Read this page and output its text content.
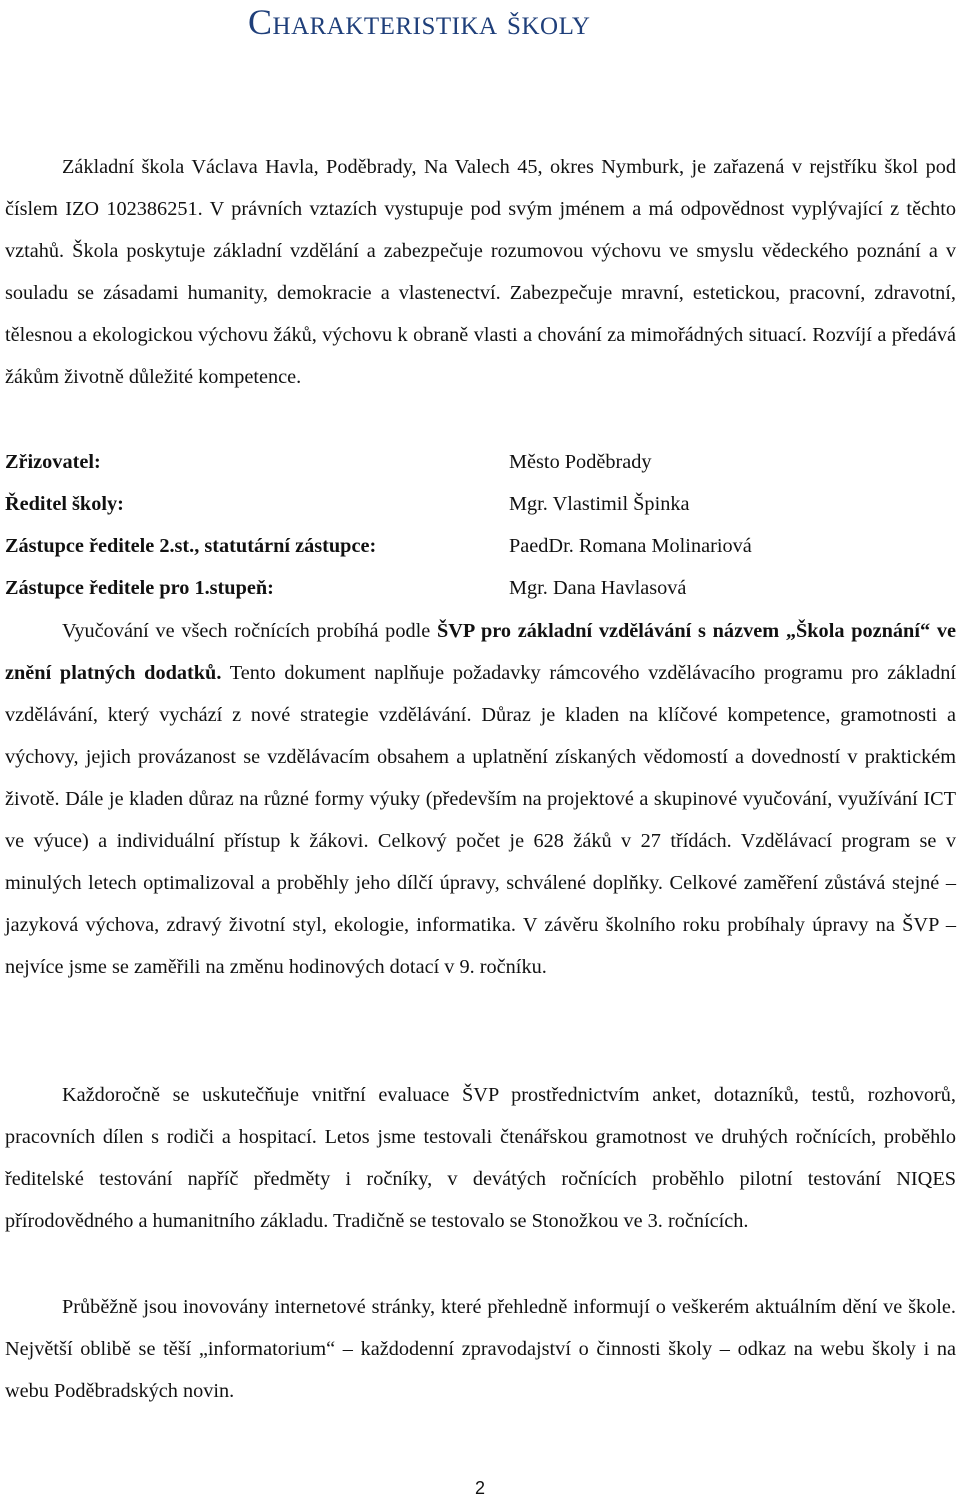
Charakteristika školy

Základní škola Václava Havla, Poděbrady, Na Valech 45, okres Nymburk, je zařazená v rejstříku škol pod číslem IZO 102386251. V právních vztazích vystupuje pod svým jménem a má odpovědnost vyplývající z těchto vztahů. Škola poskytuje základní vzdělání a zabezpečuje rozumovou výchovu ve smyslu vědeckého poznání a v souladu se zásadami humanity, demokracie a vlastenectví. Zabezpečuje mravní, estetickou, pracovní, zdravotní, tělesnou a ekologickou výchovu žáků, výchovu k obraně vlasti a chování za mimořádných situací. Rozvíjí a předává žákům životně důležité kompetence.

Zřizovatel:	Město Poděbrady
Ředitel školy:	Mgr. Vlastimil Špinka
Zástupce ředitele 2.st., statutární zástupce:	PaedDr. Romana Molinariová
Zástupce ředitele pro 1.stupeň:	Mgr. Dana Havlasová

Vyučování ve všech ročnících probíhá podle ŠVP pro základní vzdělávání s názvem „Škola poznání“ ve znění platných dodatků. Tento dokument naplňuje požadavky rámcového vzdělávacího programu pro základní vzdělávání, který vychází z nové strategie vzdělávání. Důraz je kladen na klíčové kompetence, gramotnosti a výchovy, jejich provázanost se vzdělávacím obsahem a uplatnění získaných vědomostí a dovedností v praktickém životě. Dále je kladen důraz na různé formy výuky (především na projektové a skupinové vyučování, využívání ICT ve výuce) a individuální přístup k žákovi. Celkový počet je 628 žáků v 27 třídách. Vzdělávací program se v minulých letech optimalizoval a proběhly jeho dílčí úpravy, schválené doplňky. Celkové zaměření zůstává stejné – jazyková výchova, zdravý životní styl, ekologie, informatika. V závěru školního roku probíhaly úpravy na ŠVP – nejvíce jsme se zaměřili na změnu hodinových dotací v 9. ročníku.

Každoročně se uskutečňuje vnitřní evaluace ŠVP prostřednictvím anket, dotazníků, testů, rozhovorů, pracovních dílen s rodiči a hospitací. Letos jsme testovali čtenářskou gramotnost ve druhých ročnících, proběhlo ředitelské testování napříč předměty i ročníky, v devátých ročnících proběhlo pilotní testování NIQES přírodovědného a humanitního základu. Tradičně se testovalo se Stonožkou ve 3. ročnících.

Průběžně jsou inovovány internetové stránky, které přehledně informují o veškerém aktuálním dění ve škole. Největší oblibě se těší „informatorium“ – každodenní zpravodajství o činnosti školy – odkaz na webu školy i na webu Poděbradských novin.

2
